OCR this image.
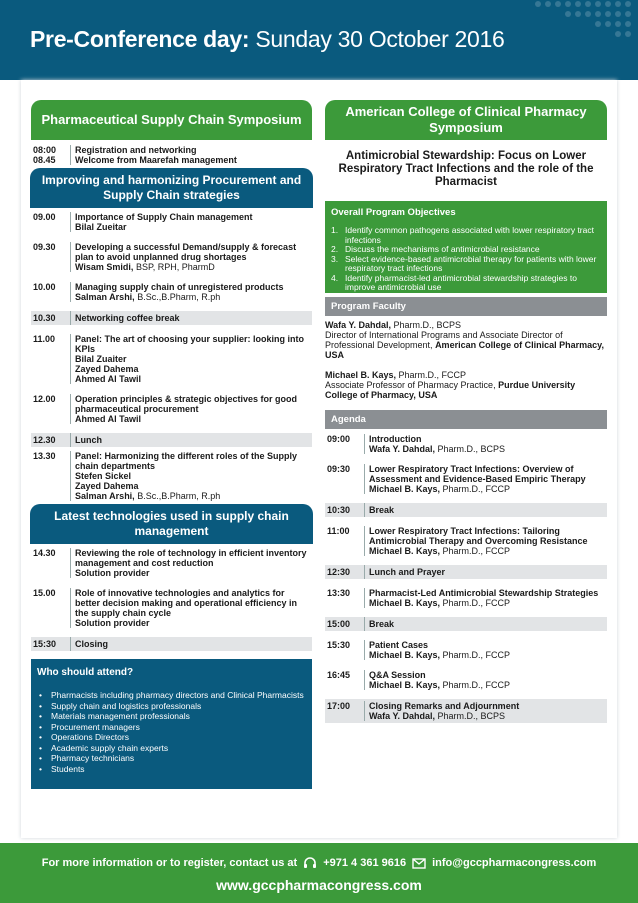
Pre-Conference day: Sunday 30 October 2016
Pharmaceutical Supply Chain Symposium
08:00	Registration and networking
08.45	Welcome from Maarefah management
Improving and harmonizing Procurement and Supply Chain strategies
09.00	Importance of Supply Chain management
Bilal Zueitar
09.30	Developing a successful Demand/supply & forecast plan to avoid unplanned drug shortages
Wisam Smidi, BSP, RPH, PharmD
10.00	Managing supply chain of unregistered products
Salman Arshi, B.Sc.,B.Pharm, R.ph
10.30	Networking coffee break
11.00	Panel: The art of choosing your supplier: looking into KPIs
Bilal Zuaiter
Zayed Dahema
Ahmed Al Tawil
12.00	Operation principles & strategic objectives for good pharmaceutical procurement
Ahmed Al Tawil
12.30	Lunch
13.30	Panel: Harmonizing the different roles of the Supply chain departments
Stefen Sickel
Zayed Dahema
Salman Arshi, B.Sc.,B.Pharm, R.ph
Latest technologies used in supply chain management
14.30	Reviewing the role of technology in efficient inventory management and cost reduction
Solution provider
15.00	Role of innovative technologies and analytics for better decision making and operational efficiency in the supply chain cycle
Solution provider
15:30	Closing
Who should attend?
• Pharmacists including pharmacy directors and Clinical Pharmacists
• Supply chain and logistics professionals
• Materials management professionals
• Procurement managers
• Operations Directors
• Academic supply chain experts
• Pharmacy technicians
• Students
American College of Clinical Pharmacy Symposium
Antimicrobial Stewardship: Focus on Lower Respiratory Tract Infections and the role of the Pharmacist
Overall Program Objectives
1. Identify common pathogens associated with lower respiratory tract infections
2. Discuss the mechanisms of antimicrobial resistance
3. Select evidence-based antimicrobial therapy for patients with lower respiratory tract infections
4. Identify pharmacist-led antimicrobial stewardship strategies to improve antimicrobial use
Program Faculty

Wafa Y. Dahdal, Pharm.D., BCPS
Director of International Programs and Associate Director of Professional Development, American College of Clinical Pharmacy, USA

Michael B. Kays, Pharm.D., FCCP
Associate Professor of Pharmacy Practice, Purdue University College of Pharmacy, USA

Agenda
09:00	Introduction
Wafa Y. Dahdal, Pharm.D., BCPS
09:30	Lower Respiratory Tract Infections: Overview of Assessment and Evidence-Based Empiric Therapy
Michael B. Kays, Pharm.D., FCCP
10:30	Break
11:00	Lower Respiratory Tract Infections: Tailoring Antimicrobial Therapy and Overcoming Resistance
Michael B. Kays, Pharm.D., FCCP
12:30	Lunch and Prayer
13:30	Pharmacist-Led Antimicrobial Stewardship Strategies
Michael B. Kays, Pharm.D., FCCP
15:00	Break
15:30	Patient Cases
Michael B. Kays, Pharm.D., FCCP
16:45	Q&A Session
Michael B. Kays, Pharm.D., FCCP
17:00	Closing Remarks and Adjournment
Wafa Y. Dahdal, Pharm.D., BCPS
For more information or to register, contact us at +971 4 361 9616 info@gccpharmacongress.com
www.gccpharmacongress.com
